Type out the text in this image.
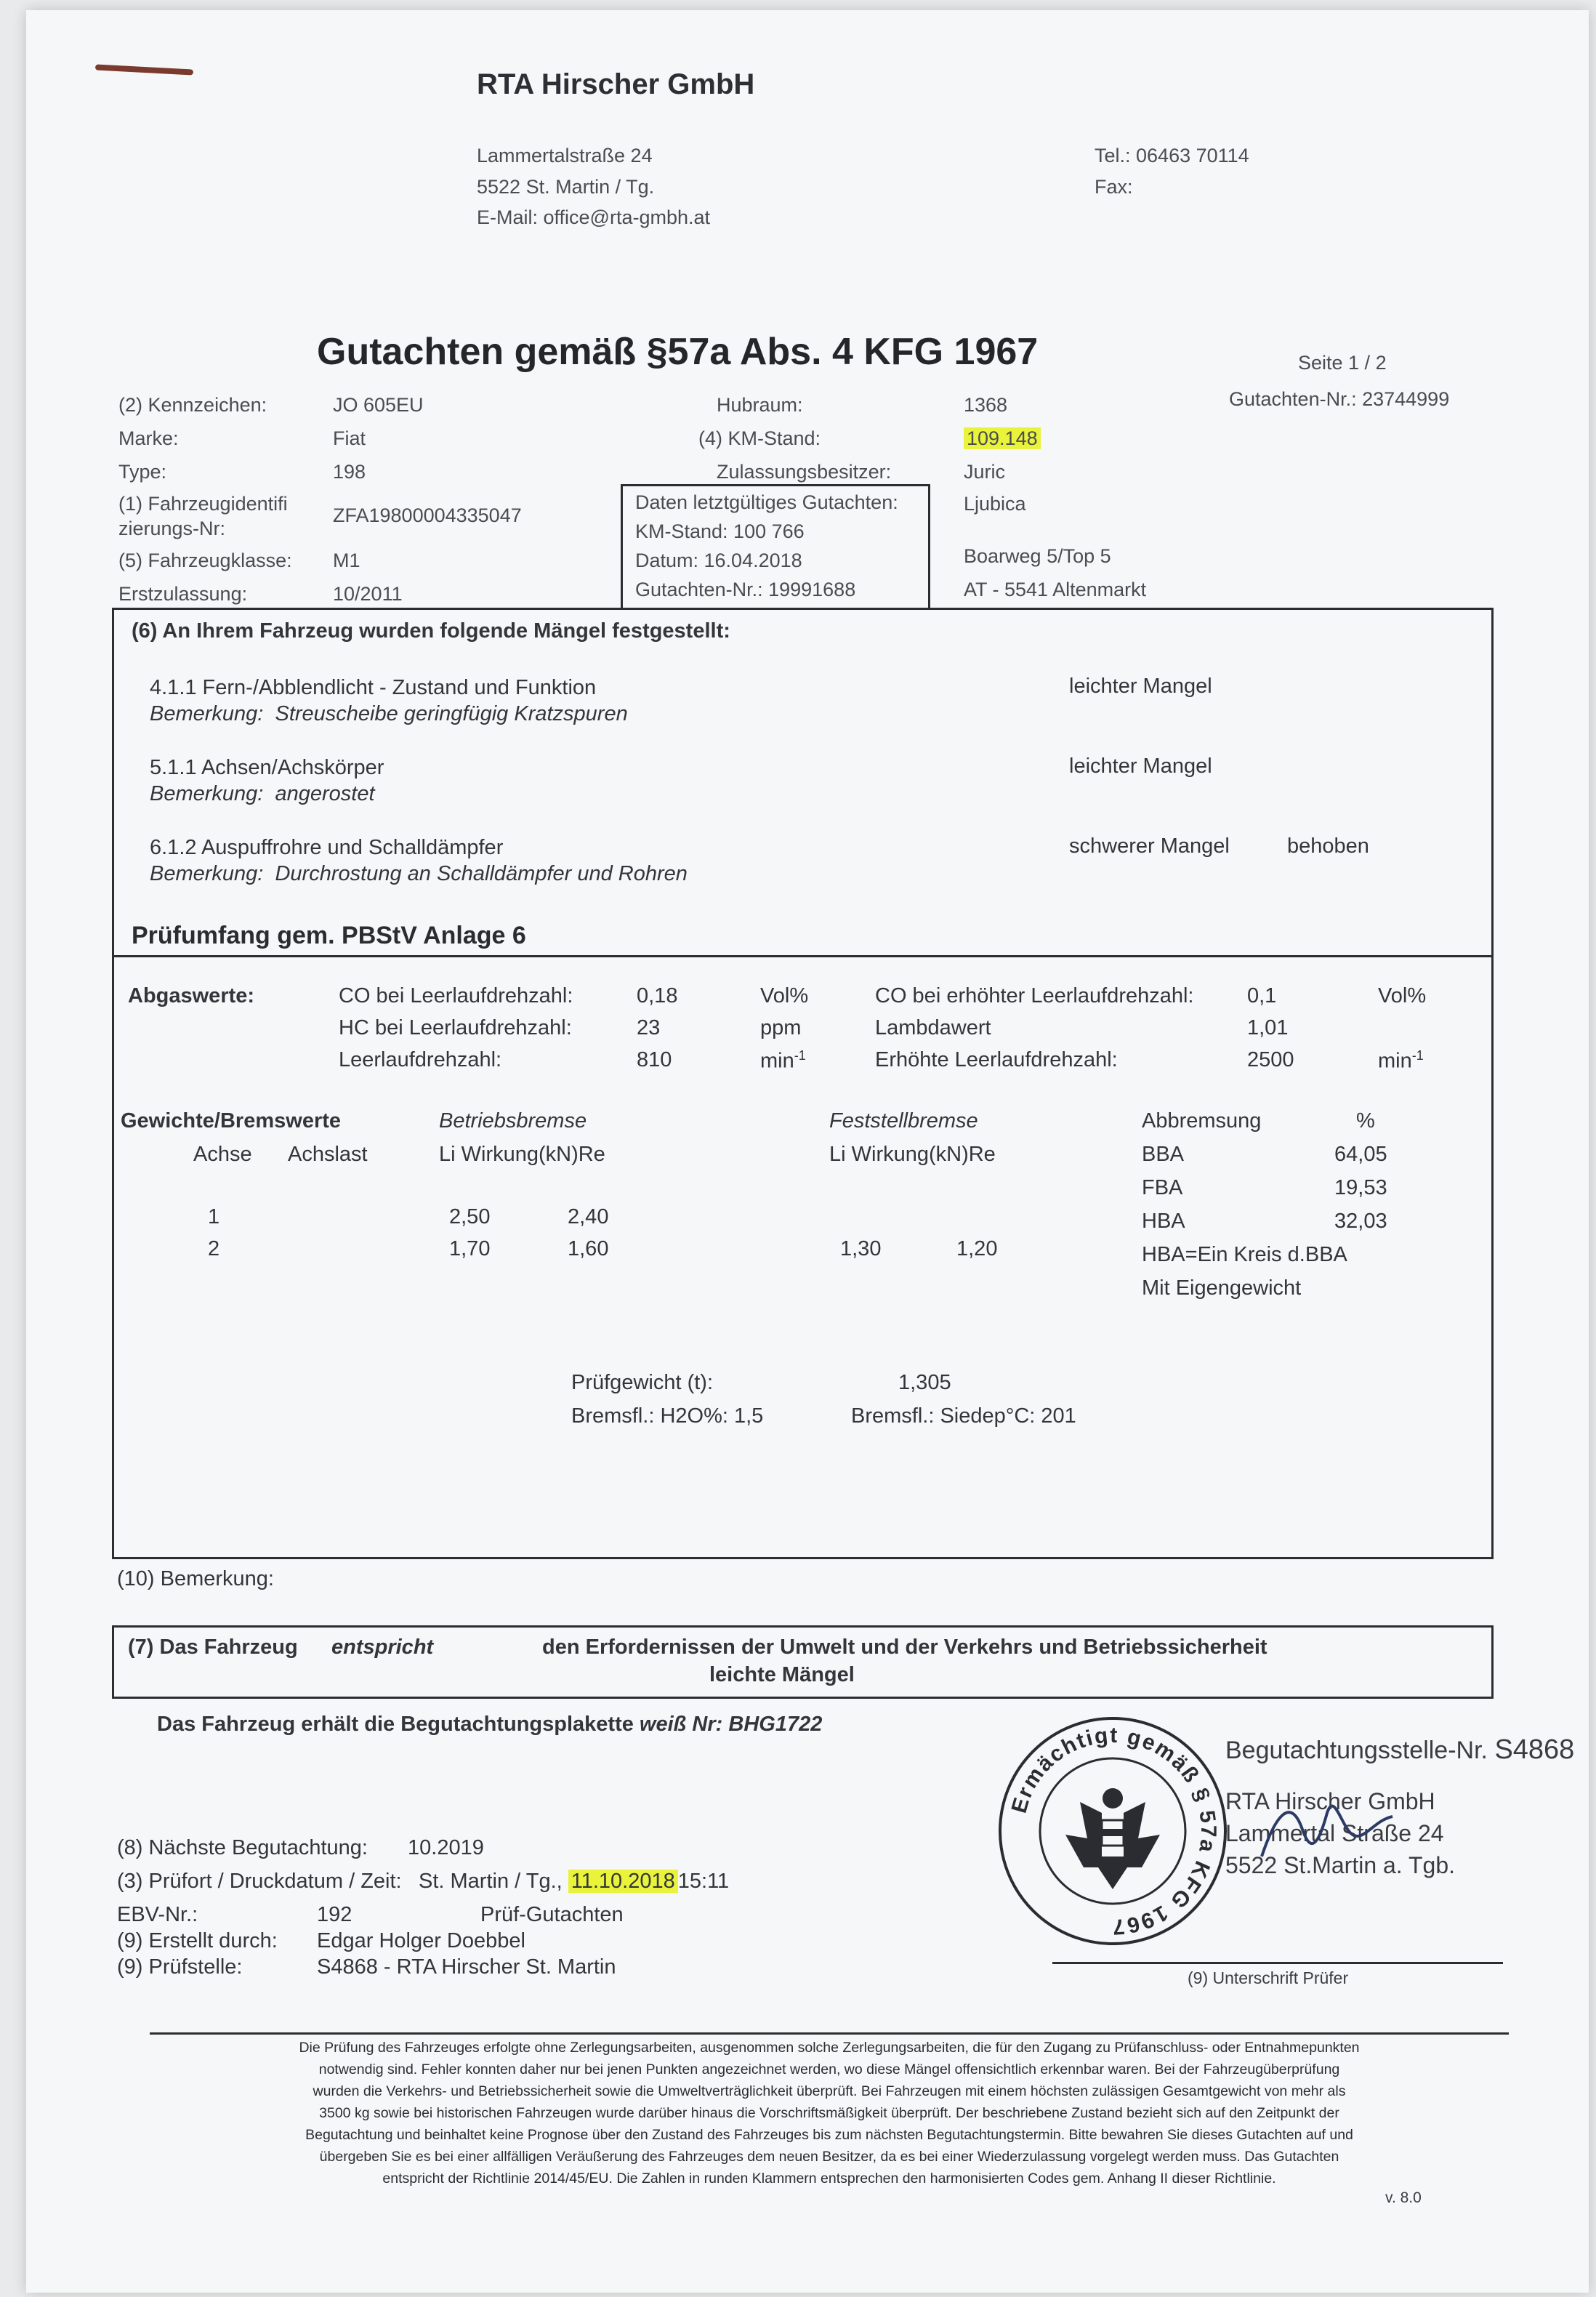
RTA Hirscher GmbH
Lammertalstraße 24
5522 St. Martin / Tg.
E-Mail: office@rta-gmbh.at
Tel.: 06463 70114
Fax:
Gutachten gemäß §57a Abs. 4 KFG 1967	Seite 1 / 2
Gutachten-Nr.: 23744999
(2) Kennzeichen:	JO 605EU
Marke:	Fiat
Type:	198
(1) Fahrzeugidentifi
zierungs-Nr:
ZFA19800004335047
(5) Fahrzeugklasse: M1
Erstzulassung:	10/2011
Hubraum:	1368
(4) KM-Stand:	109.148
Zulassungsbesitzer:	Juric
Ljubica
Boarweg 5/Top 5
AT - 5541 Altenmarkt
Daten letztgültiges Gutachten:
KM-Stand: 100 766
Datum: 16.04.2018
Gutachten-Nr.: 19991688
(6) An Ihrem Fahrzeug wurden folgende Mängel festgestellt:
4.1.1 Fern-/Abblendlicht - Zustand und Funktion
Bemerkung: Streuscheibe geringfügig Kratzspuren
leichter Mangel
5.1.1 Achsen/Achskörper
Bemerkung: angerostet
leichter Mangel
6.1.2 Auspuffrohre und Schalldämpfer
Bemerkung: Durchrostung an Schalldämpfer und Rohren
schwerer Mangel	behoben
Prüfumfang gem. PBStV Anlage 6
Abgaswerte:	CO bei Leerlaufdrehzahl:	0,18	Vol%
HC bei Leerlaufdrehzahl:	23	ppm
Leerlaufdrehzahl:	810	$\min^{-1}$
CO bei erhöhter Leerlaufdrehzahl:	0,1	Vol%
Lambdawert	1,01
Erhöhte Leerlaufdrehzahl:	2500	$\min^{-1}$
Gewichte/Bremswerte
Achse Achslast
Betriebsbremse
Li Wirkung(kN)Re
Feststellbremse
Li Wirkung(kN)Re
1	2,50	2,40
2	1,70	1,60	1,30	1,20
Abbremsung	%
BBA	64,05
FBA	19,53
HBA	32,03
HBA=Ein Kreis d.BBA
Mit Eigengewicht
Prüfgewicht (t):	1,305
Bremsfl.: H2O%: 1,5	Bremsfl.: Siedep°C: 201
(10) Bemerkung:
(7) Das Fahrzeug entspricht	den Erfordernissen der Umwelt und der Verkehrs und Betriebssicherheit
leichte Mängel
Das Fahrzeug erhält die Begutachtungsplakette weiß Nr: BHG1722
(8) Nächste Begutachtung: 10.2019
(3) Prüfort / Druckdatum / Zeit: St. Martin / Tg., 11.10.2018 15:11
EBV-Nr.:	192	Prüf-Gutachten
(9) Erstellt durch: Edgar Holger Doebbel
(9) Prüfstelle:	S4868 - RTA Hirscher St. Martin
Ermächtigt gemäß § 57a KFG 1967
Begutachtungsstelle-Nr. S4868
RTA Hirscher GmbH
Lammertal Straße 24
5522 St.Martin a. Tgb.
(9) Unterschrift Prüfer
Die Prüfung des Fahrzeuges erfolgte ohne Zerlegungsarbeiten, ausgenommen solche Zerlegungsarbeiten, die für den Zugang zu Prüfanschluss- oder Entnahmepunkten
notwendig sind. Fehler konnten daher nur bei jenen Punkten angezeichnet werden, wo diese Mängel offensichtlich erkennbar waren. Bei der Fahrzeugüberprüfung
wurden die Verkehrs- und Betriebssicherheit sowie die Umweltverträglichkeit überprüft. Bei Fahrzeugen mit einem höchsten zulässigen Gesamtgewicht von mehr als
3500 kg sowie bei historischen Fahrzeugen wurde darüber hinaus die Vorschriftsmäßigkeit überprüft. Der beschriebene Zustand bezieht sich auf den Zeitpunkt der
Begutachtung und beinhaltet keine Prognose über den Zustand des Fahrzeuges bis zum nächsten Begutachtungstermin. Bitte bewahren Sie dieses Gutachten auf und
übergeben Sie es bei einer allfälligen Veräußerung des Fahrzeuges dem neuen Besitzer, da es bei einer Wiederzulassung vorgelegt werden muss. Das Gutachten
entspricht der Richtlinie 2014/45/EU. Die Zahlen in runden Klammern entsprechen den harmonisierten Codes gem. Anhang II dieser Richtlinie.
v. 8.0
